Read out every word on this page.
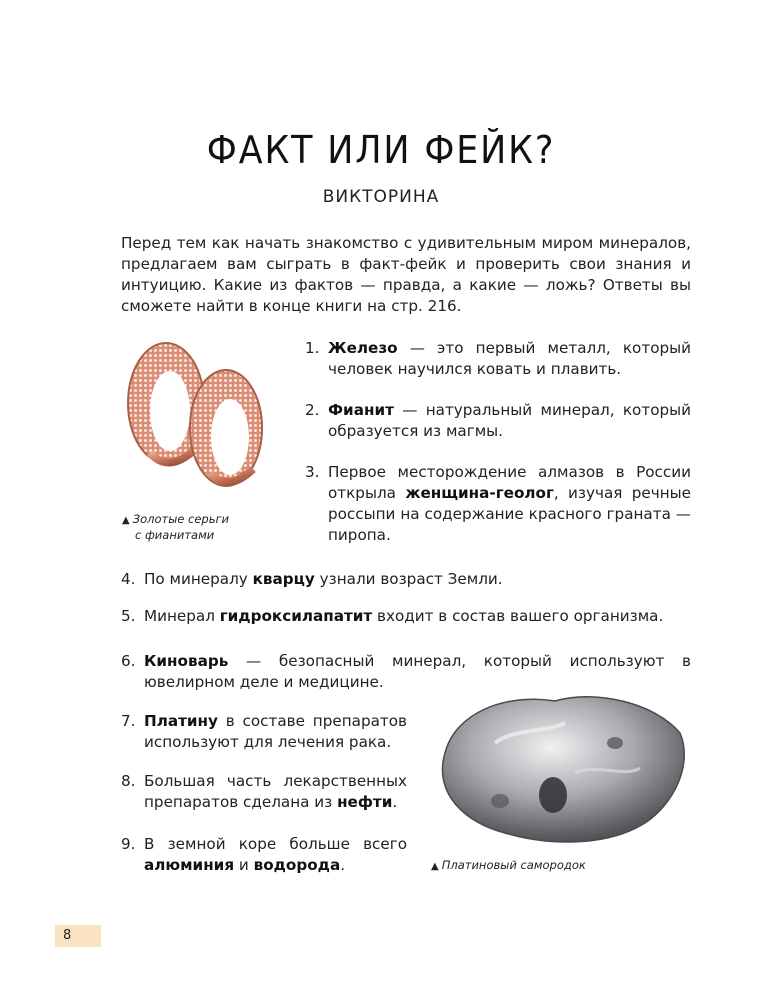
ФАКТ ИЛИ ФЕЙК?
ВИКТОРИНА

Перед тем как начать знакомство с удивительным миром минералов, предлагаем вам сыграть в факт-фейк и проверить свои знания и интуицию. Какие из фактов — правда, а какие — ложь? Ответы вы сможете найти в конце книги на стр. 216.

▲ Золотые серьги
с фианитами
1. Железо — это первый металл, который человек научился ковать и плавить.
2. Фианит — натуральный минерал, который образуется из магмы.
3. Первое месторождение алмазов в России открыла женщина-геолог, изучая речные россыпи на содержание красного граната — пиропа.
4. По минералу кварцу узнали возраст Земли.
5. Минерал гидроксилапатит входит в состав вашего организма.
6. Киноварь — безопасный минерал, который используют в ювелирном деле и медицине.
7. Платину в составе препаратов используют для лечения рака.
8. Большая часть лекарственных препаратов сделана из нефти.
9. В земной коре больше всего алюминия и водорода.	▲ Платиновый самородок
8
